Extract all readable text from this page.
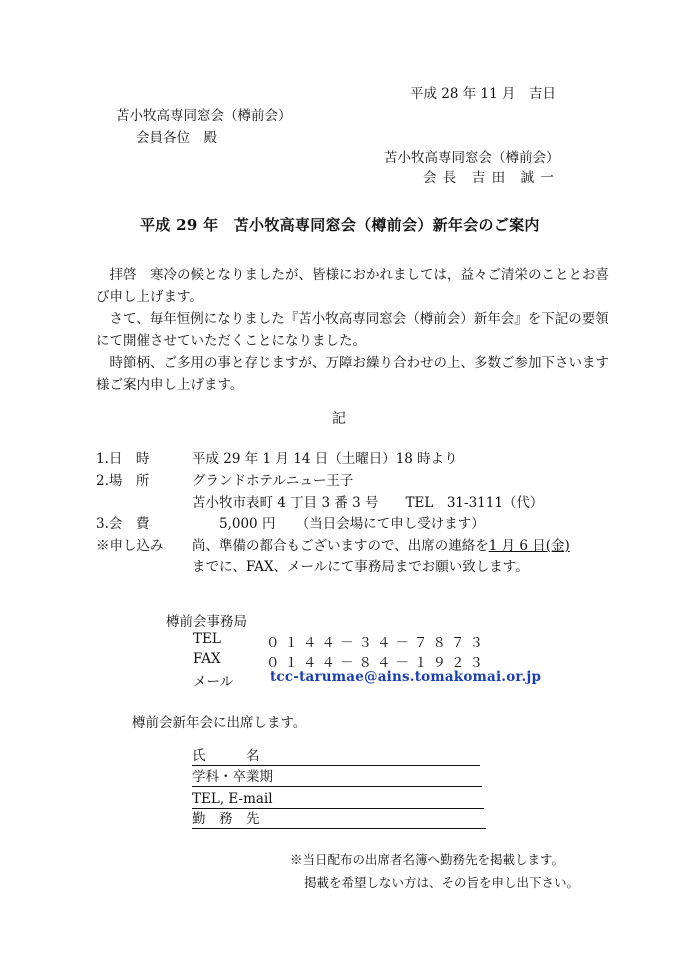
平成 28 年 11 月　吉日
苫小牧高専同窓会（樽前会）
会員各位　殿
苫小牧高専同窓会（樽前会）
会 長　吉 田　誠 一
平成 29 年　苫小牧高専同窓会（樽前会）新年会のご案内
　拝啓　寒冷の候となりましたが、皆様におかれましては，益々ご清栄のこととお喜び申し上げます。
　さて、毎年恒例になりました『苫小牧高専同窓会（樽前会）新年会』を下記の要領にて開催させていただくことになりました。
　時節柄、ご多用の事と存じますが、万障お繰り合わせの上、多数ご参加下さいます様ご案内申し上げます。
記
1.日　時	平成 29 年 1 月 14 日（土曜日）18 時より
2.場　所	グランドホテルニュー王子
苫小牧市表町 4 丁目 3 番 3 号　　TEL　31-3111（代）
3.会　費	　　5,000 円　　（当日会場にて申し受けます）
※申し込み 尚、準備の都合もございますので、出席の連絡を1 月 6 日(金)
までに、FAX、メールにて事務局までお願い致します。
樽前会事務局
TEL	０１４４－３４－７８７３
FAX	０１４４－８４－１９２３
メール	tcc-tarumae@ains.tomakomai.or.jp
樽前会新年会に出席します。
氏　　　名
学科・卒業期
TEL, E-mail
勤　務　先
※当日配布の出席者名簿へ勤務先を掲載します。
掲載を希望しない方は、その旨を申し出下さい。
